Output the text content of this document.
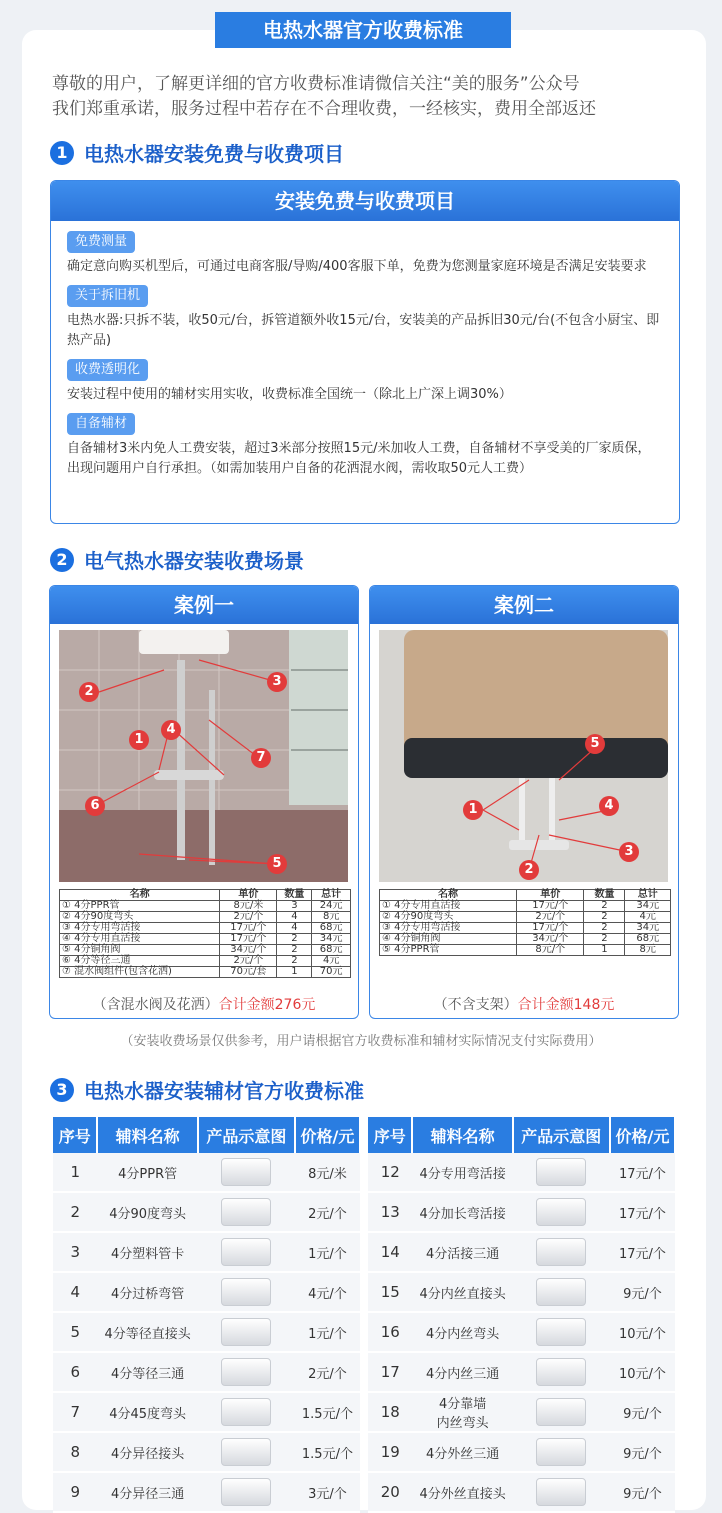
电热水器官方收费标准

尊敬的用户，了解更详细的官方收费标准请微信关注“美的服务”公众号

我们郑重承诺，服务过程中若存在不合理收费，一经核实，费用全部返还

1 电热水器安装免费与收费项目
安装免费与收费项目
免费测量

确定意向购买机型后，可通过电商客服/导购/400客服下单，免费为您测量家庭环境是否满足安装要求

关于拆旧机

电热水器:只拆不装，收50元/台，拆管道额外收15元/台，安装美的产品拆旧30元/台(不包含小厨宝、即热产品)

收费透明化

安装过程中使用的辅材实用实收，收费标准全国统一（除北上广深上调30%）

自备辅材

自备辅材3米内免人工费安装，超过3米部分按照15元/米加收人工费，自备辅材不享受美的厂家质保，出现问题用户自行承担。（如需加装用户自备的花洒混水阀，需收取50元人工费）

2 电气热水器安装收费场景
案例一
1
2
3
4
5
6
7
名称	单价	数量	总计
① 4分PPR管	8元/米	3	24元
② 4分90度弯头	2元/个	4	8元
③ 4分专用弯活接	17元/个	4	68元
④ 4分专用直活接	17元/个	2	34元
⑤ 4分铜角阀	34元/个	2	68元
⑥ 4分等径三通	2元/个	2	4元
⑦ 混水阀组件(包含花洒)	70元/套	1	70元
（含混水阀及花洒）合计金额276元
案例二
1
2
3
4
5
名称	单价	数量	总计
① 4分专用直活接	17元/个	2	34元
② 4分90度弯头	2元/个	2	4元
③ 4分专用弯活接	17元/个	2	34元
④ 4分铜角阀	34元/个	2	68元
⑤ 4分PPR管	8元/个	1	8元
（不含支架）合计金额148元
（安装收费场景仅供参考，用户请根据官方收费标准和辅材实际情况支付实际费用）
3 电热水器安装辅材官方收费标准
序号	辅料名称	产品示意图	价格/元
1	4分PPR管		8元/米
2	4分90度弯头		2元/个
3	4分塑料管卡		1元/个
4	4分过桥弯管		4元/个
5	4分等径直接头		1元/个
6	4分等径三通		2元/个
7	4分45度弯头		1.5元/个
8	4分异径接头		1.5元/个
9	4分异径三通		3元/个
序号	辅料名称	产品示意图	价格/元
12	4分专用弯活接		17元/个
13	4分加长弯活接		17元/个
14	4分活接三通		17元/个
15	4分内丝直接头		9元/个
16	4分内丝弯头		10元/个
17	4分内丝三通		10元/个
18	4分靠墙
内丝弯头		9元/个
19	4分外丝三通		9元/个
20	4分外丝直接头		9元/个
